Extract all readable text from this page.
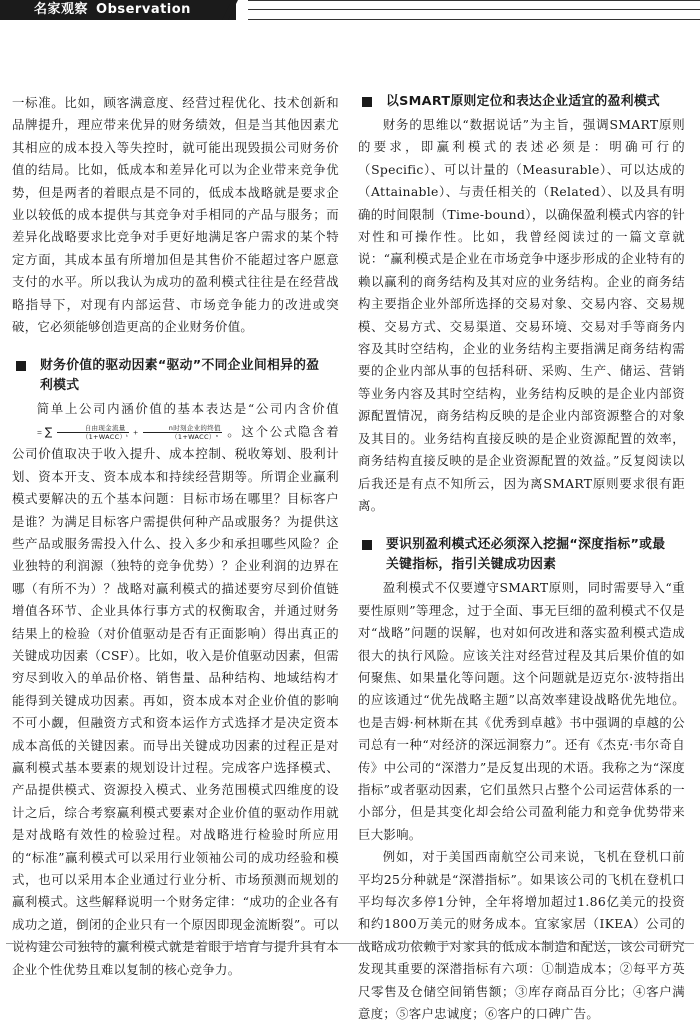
名家观察 Observation

一标准。比如，顾客满意度、经营过程优化、技术创新和品牌提升，理应带来优异的财务绩效，但是当其他因素尤其相应的成本投入等失控时，就可能出现毁损公司财务价值的结局。比如，低成本和差异化可以为企业带来竞争优势，但是两者的着眼点是不同的，低成本战略就是要求企业以较低的成本提供与其竞争对手相同的产品与服务；而差异化战略要求比竞争对手更好地满足客户需求的某个特定方面，其成本虽有所增加但是其售价不能超过客户愿意支付的水平。所以我认为成功的盈利模式往往是在经营战略指导下，对现有内部运营、市场竞争能力的改进或突破，它必须能够创造更高的企业财务价值。

财务价值的驱动因素“驱动”不同企业间相异的盈
利模式

简单上公司内涵价值的基本表达是“公司内含价值 = ∑ $\frac{\text{自由现金流量}}{\text{（1+WACC）ᵗ}} + \frac{\text{n时刻企业的终值}}{\text{（1+WACC）ⁿ}}$ 。这个公式隐含着公司价值取决于收入提升、成本控制、税收筹划、股利计划、资本开支、资本成本和持续经营期等。所谓企业赢利模式要解决的五个基本问题：目标市场在哪里？目标客户是谁？为满足目标客户需提供何种产品或服务？为提供这些产品或服务需投入什么、投入多少和承担哪些风险？企业独特的利润源（独特的竞争优势）？企业利润的边界在哪（有所不为）？战略对赢利模式的描述要穷尽到价值链增值各环节、企业具体行事方式的权衡取舍，并通过财务结果上的检验（对价值驱动是否有正面影响）得出真正的关键成功因素（CSF）。比如，收入是价值驱动因素，但需穷尽到收入的单品价格、销售量、品种结构、地域结构才能得到关键成功因素。再如，资本成本对企业价值的影响不可小觑，但融资方式和资本运作方式选择才是决定资本成本高低的关键因素。而导出关键成功因素的过程正是对赢利模式基本要素的规划设计过程。完成客户选择模式、产品提供模式、资源投入模式、业务范围模式四维度的设计之后，综合考察赢利模式要素对企业价值的驱动作用就是对战略有效性的检验过程。对战略进行检验时所应用的“标准”赢利模式可以采用行业领袖公司的成功经验和模式，也可以采用本企业通过行业分析、市场预测而规划的赢利模式。这些解释说明一个财务定律：“成功的企业各有成功之道，倒闭的企业只有一个原因即现金流断裂”。可以说构建公司独特的赢利模式就是着眼于培育与提升具有本企业个性优势且难以复制的核心竞争力。

以SMART原则定位和表达企业适宜的盈利模式

财务的思维以“数据说话”为主旨，强调SMART原则的要求，即赢利模式的表述必须是：明确可行的（Specific）、可以计量的（Measurable）、可以达成的（Attainable）、与责任相关的（Related）、以及具有明确的时间限制（Time-bound），以确保盈利模式内容的针对性和可操作性。比如，我曾经阅读过的一篇文章就说：“赢利模式是企业在市场竞争中逐步形成的企业特有的赖以赢利的商务结构及其对应的业务结构。企业的商务结构主要指企业外部所选择的交易对象、交易内容、交易规模、交易方式、交易渠道、交易环境、交易对手等商务内容及其时空结构，企业的业务结构主要指满足商务结构需要的企业内部从事的包括科研、采购、生产、储运、营销等业务内容及其时空结构，业务结构反映的是企业内部资源配置情况，商务结构反映的是企业内部资源整合的对象及其目的。业务结构直接反映的是企业资源配置的效率，商务结构直接反映的是企业资源配置的效益。”反复阅读以后我还是有点不知所云，因为离SMART原则要求很有距离。

要识别盈利模式还必须深入挖掘“深度指标”或最
关键指标，指引关键成功因素

盈利模式不仅要遵守SMART原则，同时需要导入“重要性原则”等理念，过于全面、事无巨细的盈利模式不仅是对“战略”问题的误解，也对如何改进和落实盈利模式造成很大的执行风险。应该关注对经营过程及其后果价值的如何聚焦、如果量化等问题。这个问题就是迈克尔·波特指出的应该通过“优先战略主题”以高效率建设战略优先地位。也是吉姆·柯林斯在其《优秀到卓越》书中强调的卓越的公司总有一种“对经济的深远洞察力”。还有《杰克·韦尔奇自传》中公司的“深潜力”是反复出现的术语。我称之为“深度指标”或者驱动因素，它们虽然只占整个公司运营体系的一小部分，但是其变化却会给公司盈利能力和竞争优势带来巨大影响。

例如，对于美国西南航空公司来说，飞机在登机口前平均25分种就是“深潜指标”。如果该公司的飞机在登机口平均每次多停1分钟，全年将增加超过1.86亿美元的投资和约1800万美元的财务成本。宜家家居（IKEA）公司的战略成功依赖于对家具的低成本制造和配送，该公司研究发现其重要的深潜指标有六项：①制造成本；②每平方英尺零售及仓储空间销售额；③库存商品百分比；④客户满意度；⑤客户忠诚度；⑥客户的口碑广告。
